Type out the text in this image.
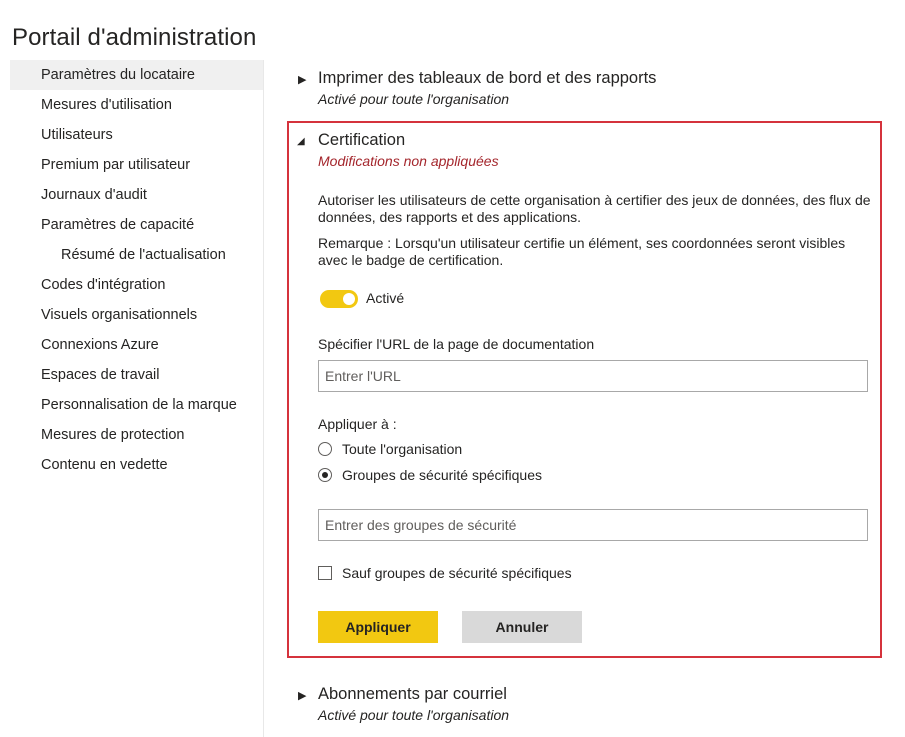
Portail d'administration
Paramètres du locataire
Mesures d'utilisation
Utilisateurs
Premium par utilisateur
Journaux d'audit
Paramètres de capacité
Résumé de l'actualisation
Codes d'intégration
Visuels organisationnels
Connexions Azure
Espaces de travail
Personnalisation de la marque
Mesures de protection
Contenu en vedette
▶ Imprimer des tableaux de bord et des rapports
Activé pour toute l'organisation
◢ Certification
Modifications non appliquées
Autoriser les utilisateurs de cette organisation à certifier des jeux de données, des flux de données, des rapports et des applications.
Remarque : Lorsqu'un utilisateur certifie un élément, ses coordonnées seront visibles avec le badge de certification.
Activé
Spécifier l'URL de la page de documentation
Entrer l'URL
Appliquer à :
Toute l'organisation
Groupes de sécurité spécifiques
Entrer des groupes de sécurité
Sauf groupes de sécurité spécifiques
Appliquer	Annuler
▶ Abonnements par courriel
Activé pour toute l'organisation
